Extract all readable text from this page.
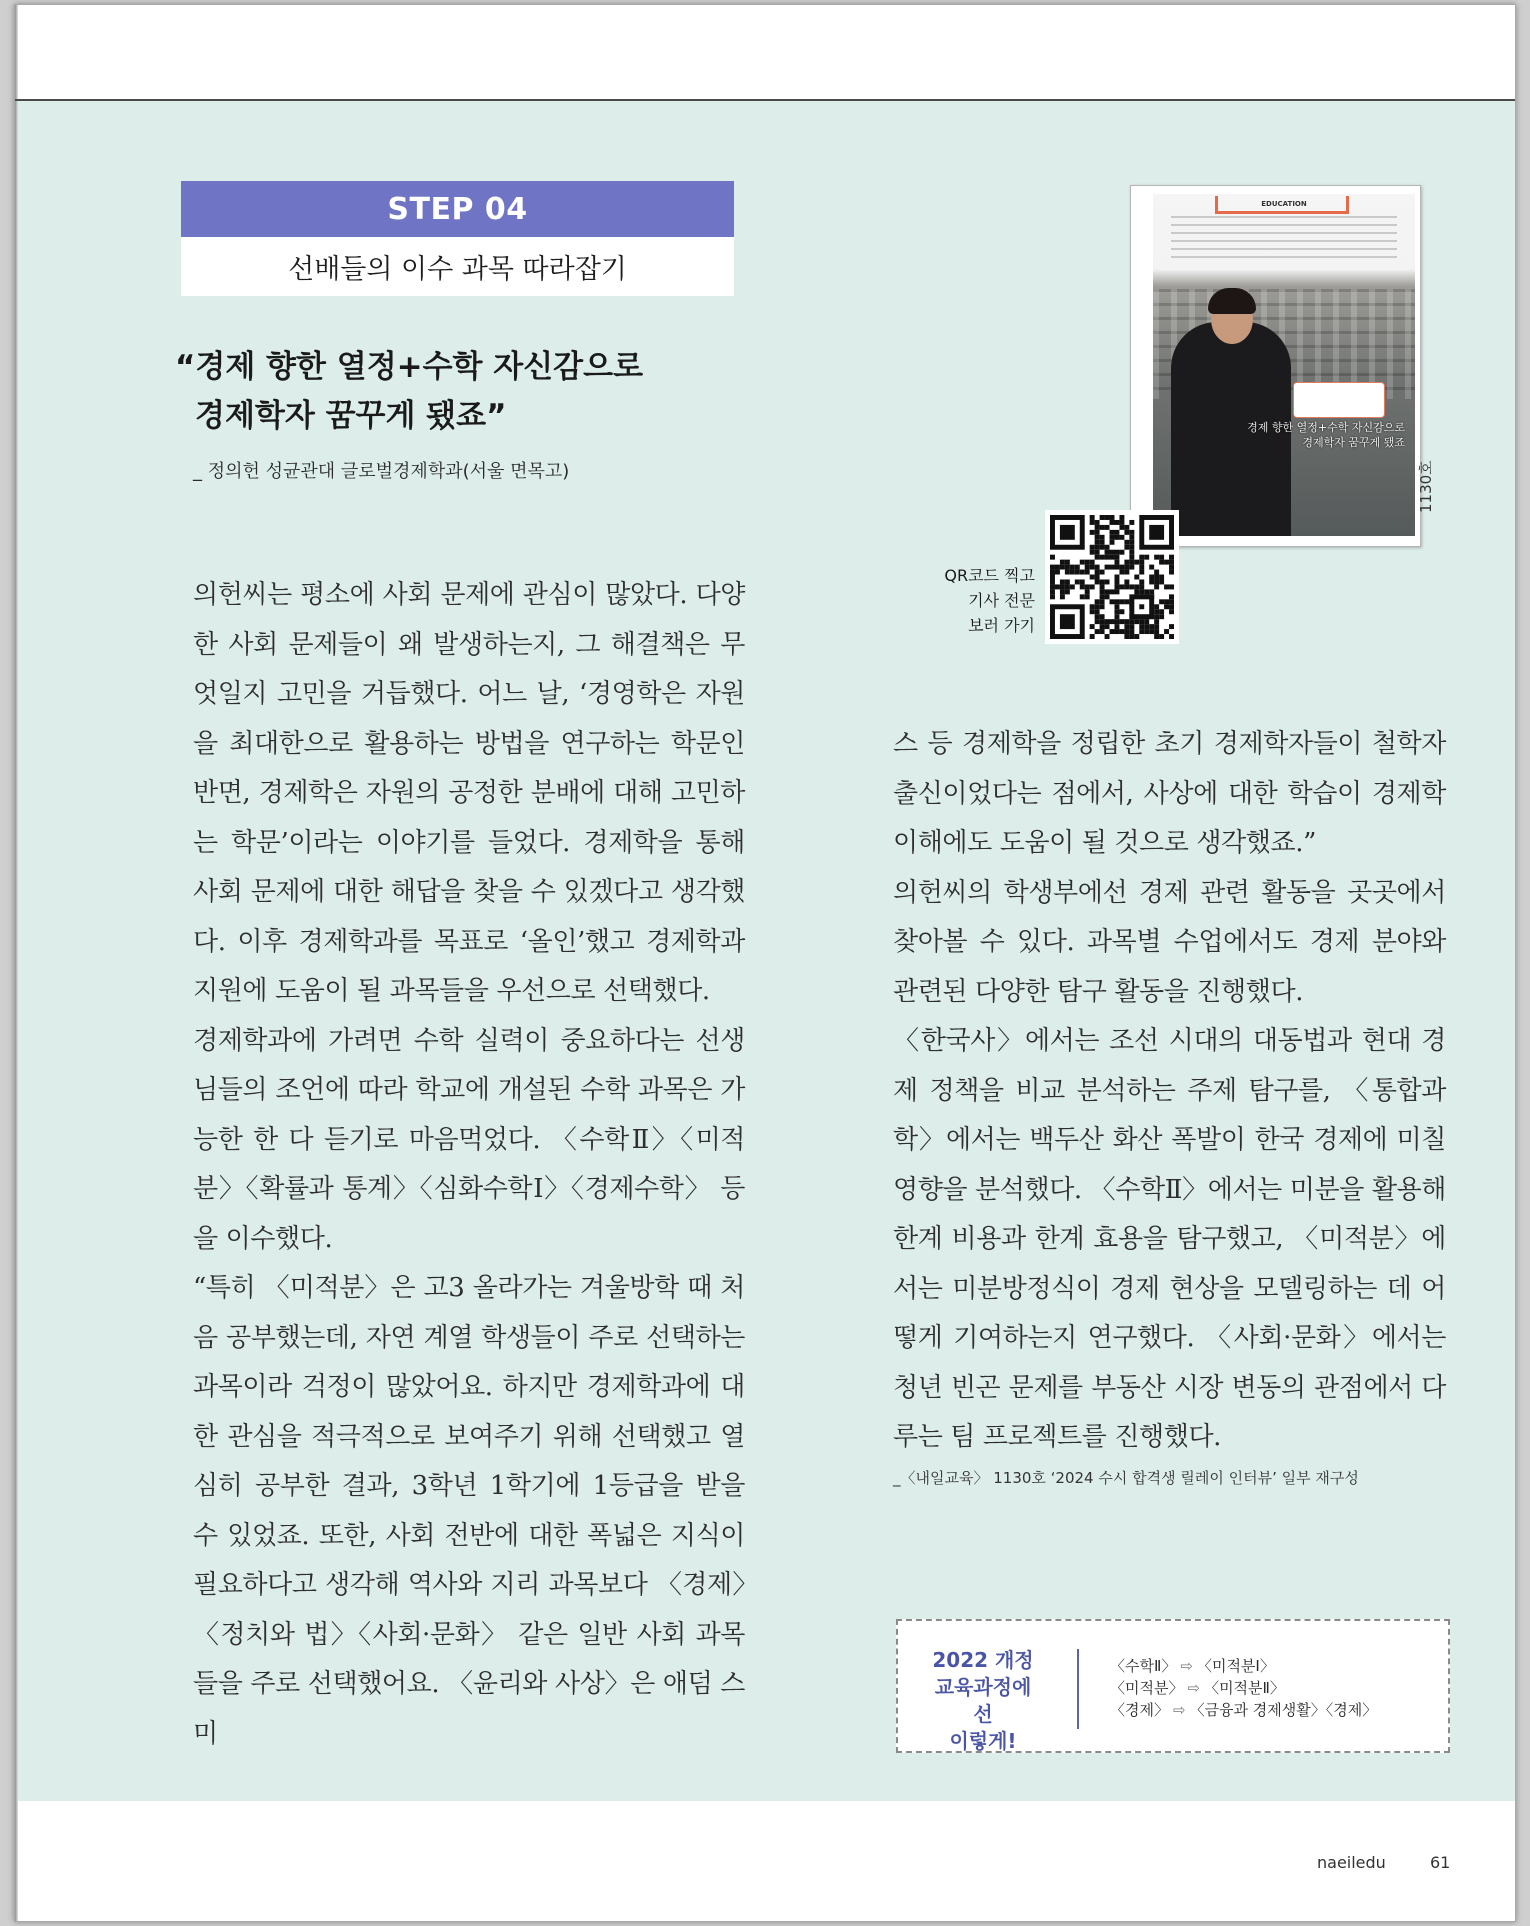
STEP 04
선배들의 이수 과목 따라잡기
“경제 향한 열정+수학 자신감으로
경제학자 꿈꾸게 됐죠”
_ 정의헌 성균관대 글로벌경제학과(서울 면목고)
EDUCATION
경제 향한 열정+수학 자신감으로
경제학자 꿈꾸게 됐죠
1130호
QR코드 찍고
기사 전문
보러 가기

의헌씨는 평소에 사회 문제에 관심이 많았다. 다양한 사회 문제들이 왜 발생하는지, 그 해결책은 무엇일지 고민을 거듭했다. 어느 날, ‘경영학은 자원을 최대한으로 활용하는 방법을 연구하는 학문인 반면, 경제학은 자원의 공정한 분배에 대해 고민하는 학문’이라는 이야기를 들었다. 경제학을 통해 사회 문제에 대한 해답을 찾을 수 있겠다고 생각했다. 이후 경제학과를 목표로 ‘올인’했고 경제학과 지원에 도움이 될 과목들을 우선으로 선택했다.

경제학과에 가려면 수학 실력이 중요하다는 선생님들의 조언에 따라 학교에 개설된 수학 과목은 가능한 한 다 듣기로 마음먹었다. 〈수학Ⅱ〉〈미적분〉〈확률과 통계〉〈심화수학Ⅰ〉〈경제수학〉 등을 이수했다.

“특히 〈미적분〉은 고3 올라가는 겨울방학 때 처음 공부했는데, 자연 계열 학생들이 주로 선택하는 과목이라 걱정이 많았어요. 하지만 경제학과에 대한 관심을 적극적으로 보여주기 위해 선택했고 열심히 공부한 결과, 3학년 1학기에 1등급을 받을 수 있었죠. 또한, 사회 전반에 대한 폭넓은 지식이 필요하다고 생각해 역사와 지리 과목보다 〈경제〉〈정치와 법〉〈사회·문화〉 같은 일반 사회 과목들을 주로 선택했어요. 〈윤리와 사상〉은 애덤 스미

스 등 경제학을 정립한 초기 경제학자들이 철학자 출신이었다는 점에서, 사상에 대한 학습이 경제학 이해에도 도움이 될 것으로 생각했죠.”

의헌씨의 학생부에선 경제 관련 활동을 곳곳에서 찾아볼 수 있다. 과목별 수업에서도 경제 분야와 관련된 다양한 탐구 활동을 진행했다.

〈한국사〉에서는 조선 시대의 대동법과 현대 경제 정책을 비교 분석하는 주제 탐구를, 〈통합과학〉에서는 백두산 화산 폭발이 한국 경제에 미칠 영향을 분석했다. 〈수학Ⅱ〉에서는 미분을 활용해 한계 비용과 한계 효용을 탐구했고, 〈미적분〉에서는 미분방정식이 경제 현상을 모델링하는 데 어떻게 기여하는지 연구했다. 〈사회·문화〉에서는 청년 빈곤 문제를 부동산 시장 변동의 관점에서 다루는 팀 프로젝트를 진행했다.

_〈내일교육〉 1130호 ‘2024 수시 합격생 릴레이 인터뷰’ 일부 재구성
2022 개정
교육과정에선
이렇게!
〈수학Ⅱ〉 ⇨ 〈미적분Ⅰ〉
〈미적분〉 ⇨ 〈미적분Ⅱ〉
〈경제〉 ⇨ 〈금융과 경제생활〉〈경제〉
naeiledu	61
